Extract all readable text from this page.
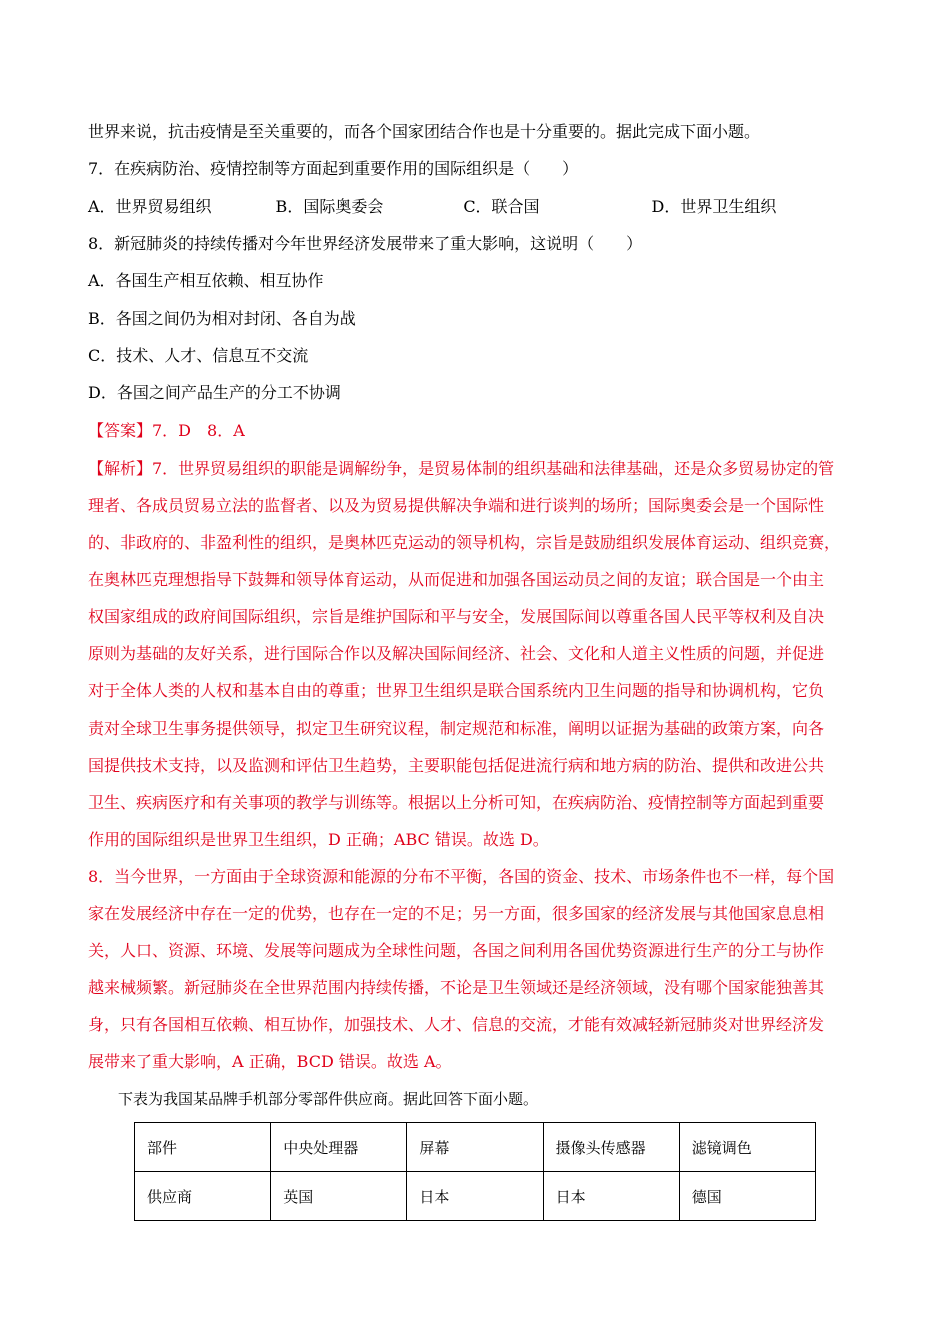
世界来说，抗击疫情是至关重要的，而各个国家团结合作也是十分重要的。据此完成下面小题。
7．在疾病防治、疫情控制等方面起到重要作用的国际组织是（　　）
A．世界贸易组织　　　　B．国际奥委会　　　　　C．联合国　　　　　　　D．世界卫生组织
8．新冠肺炎的持续传播对今年世界经济发展带来了重大影响，这说明（　　）
A．各国生产相互依赖、相互协作
B．各国之间仍为相对封闭、各自为战
C．技术、人才、信息互不交流
D．各国之间产品生产的分工不协调
【答案】7．D　8．A
【解析】7．世界贸易组织的职能是调解纷争，是贸易体制的组织基础和法律基础，还是众多贸易协定的管
理者、各成员贸易立法的监督者、以及为贸易提供解决争端和进行谈判的场所；国际奥委会是一个国际性
的、非政府的、非盈利性的组织，是奥林匹克运动的领导机构，宗旨是鼓励组织发展体育运动、组织竞赛，
在奥林匹克理想指导下鼓舞和领导体育运动，从而促进和加强各国运动员之间的友谊；联合国是一个由主
权国家组成的政府间国际组织，宗旨是维护国际和平与安全，发展国际间以尊重各国人民平等权利及自决
原则为基础的友好关系，进行国际合作以及解决国际间经济、社会、文化和人道主义性质的问题，并促进
对于全体人类的人权和基本自由的尊重；世界卫生组织是联合国系统内卫生问题的指导和协调机构，它负
责对全球卫生事务提供领导，拟定卫生研究议程，制定规范和标准，阐明以证据为基础的政策方案，向各
国提供技术支持，以及监测和评估卫生趋势，主要职能包括促进流行病和地方病的防治、提供和改进公共
卫生、疾病医疗和有关事项的教学与训练等。根据以上分析可知，在疾病防治、疫情控制等方面起到重要
作用的国际组织是世界卫生组织，D 正确；ABC 错误。故选 D。
8．当今世界，一方面由于全球资源和能源的分布不平衡，各国的资金、技术、市场条件也不一样，每个国
家在发展经济中存在一定的优势，也存在一定的不足；另一方面，很多国家的经济发展与其他国家息息相
关，人口、资源、环境、发展等问题成为全球性问题，各国之间利用各国优势资源进行生产的分工与协作
越来械频繁。新冠肺炎在全世界范围内持续传播，不论是卫生领域还是经济领域，没有哪个国家能独善其
身，只有各国相互依赖、相互协作，加强技术、人才、信息的交流，才能有效减轻新冠肺炎对世界经济发
展带来了重大影响，A 正确，BCD 错误。故选 A。
下表为我国某品牌手机部分零部件供应商。据此回答下面小题。
部件	中央处理器	屏幕	摄像头传感器	滤镜调色
供应商	英国	日本	日本	德国
